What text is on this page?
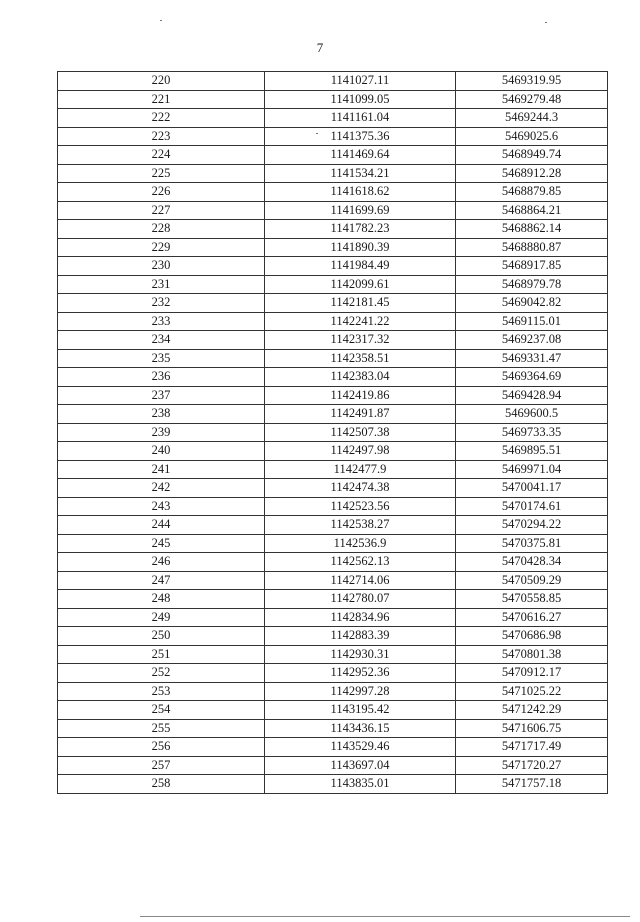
7
220	1141027.11	5469319.95
221	1141099.05	5469279.48
222	1141161.04	5469244.3
223	1141375.36	5469025.6
224	1141469.64	5468949.74
225	1141534.21	5468912.28
226	1141618.62	5468879.85
227	1141699.69	5468864.21
228	1141782.23	5468862.14
229	1141890.39	5468880.87
230	1141984.49	5468917.85
231	1142099.61	5468979.78
232	1142181.45	5469042.82
233	1142241.22	5469115.01
234	1142317.32	5469237.08
235	1142358.51	5469331.47
236	1142383.04	5469364.69
237	1142419.86	5469428.94
238	1142491.87	5469600.5
239	1142507.38	5469733.35
240	1142497.98	5469895.51
241	1142477.9	5469971.04
242	1142474.38	5470041.17
243	1142523.56	5470174.61
244	1142538.27	5470294.22
245	1142536.9	5470375.81
246	1142562.13	5470428.34
247	1142714.06	5470509.29
248	1142780.07	5470558.85
249	1142834.96	5470616.27
250	1142883.39	5470686.98
251	1142930.31	5470801.38
252	1142952.36	5470912.17
253	1142997.28	5471025.22
254	1143195.42	5471242.29
255	1143436.15	5471606.75
256	1143529.46	5471717.49
257	1143697.04	5471720.27
258	1143835.01	5471757.18
